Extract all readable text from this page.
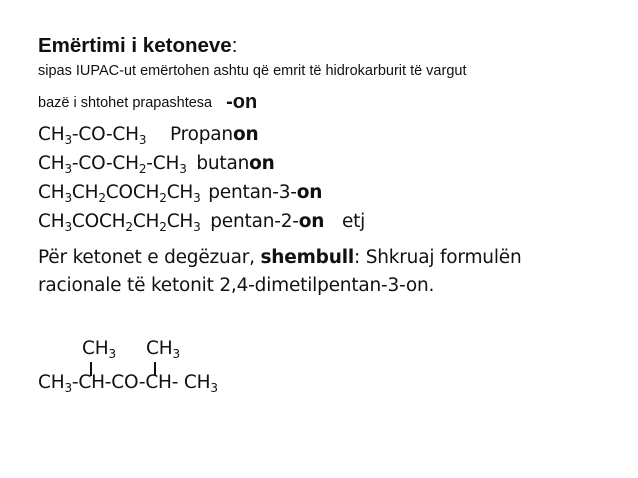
Emërtimi i ketoneve:
sipas IUPAC-ut emërtohen ashtu që emrit të hidrokarburit të vargut
bazë i shtohet prapashtesa -on
$CH_3-CO-CH_3$ Propanon
$CH_3-CO-CH_2-CH_3$ butanon
$CH_3CH_2COCH_2CH_3$ pentan-3-on
$CH_3COCH_2CH_2CH_3$ pentan-2-on etj
Për ketonet e degëzuar, shembull: Shkruaj formulën racionale të ketonit 2,4-dimetilpentan-3-on.
$CH_3$ $CH_3$
$CH_3-CH-CO-CH-$ $CH_3$
